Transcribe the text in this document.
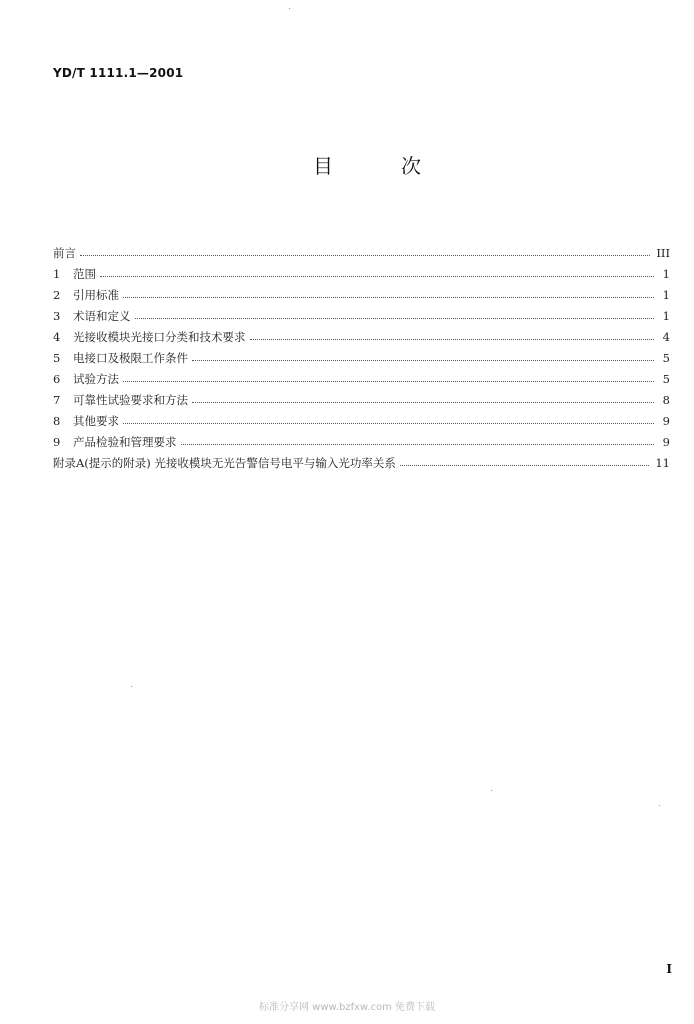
YD/T 1111.1—2001
目	次
前言	III
1	范围	1
2	引用标准	1
3	术语和定义	1
4	光接收模块光接口分类和技术要求	4
5	电接口及极限工作条件	5
6	试验方法	5
7	可靠性试验要求和方法	8
8	其他要求	9
9	产品检验和管理要求	9
附录A(提示的附录) 光接收模块无光告警信号电平与输入光功率关系	11
I
标准分享网 www.bzfxw.com 免费下载
